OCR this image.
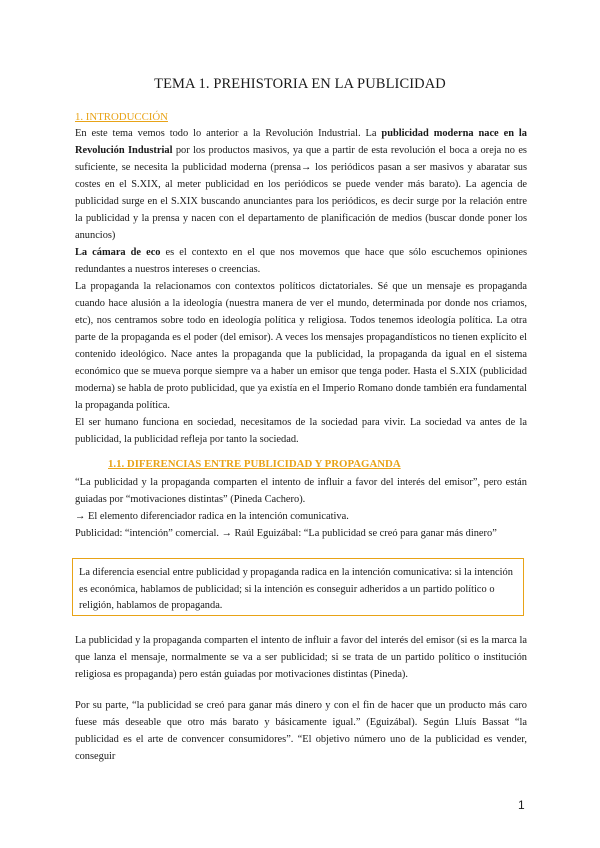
TEMA 1. PREHISTORIA EN LA PUBLICIDAD
1. INTRODUCCIÓN

En este tema vemos todo lo anterior a la Revolución Industrial. La publicidad moderna nace en la Revolución Industrial por los productos masivos, ya que a partir de esta revolución el boca a oreja no es suficiente, se necesita la publicidad moderna (prensa→ los periódicos pasan a ser masivos y abaratar sus costes en el S.XIX, al meter publicidad en los periódicos se puede vender más barato). La agencia de publicidad surge en el S.XIX buscando anunciantes para los periódicos, es decir surge por la relación entre la publicidad y la prensa y nacen con el departamento de planificación de medios (buscar donde poner los anuncios)

La cámara de eco es el contexto en el que nos movemos que hace que sólo escuchemos opiniones redundantes a nuestros intereses o creencias.

La propaganda la relacionamos con contextos políticos dictatoriales. Sé que un mensaje es propaganda cuando hace alusión a la ideología (nuestra manera de ver el mundo, determinada por donde nos criamos, etc), nos centramos sobre todo en ideología política y religiosa. Todos tenemos ideología política. La otra parte de la propaganda es el poder (del emisor). A veces los mensajes propagandísticos no tienen explícito el contenido ideológico. Nace antes la propaganda que la publicidad, la propaganda da igual en el sistema económico que se mueva porque siempre va a haber un emisor que tenga poder. Hasta el S.XIX (publicidad moderna) se habla de proto publicidad, que ya existía en el Imperio Romano donde también era fundamental la propaganda política.

El ser humano funciona en sociedad, necesitamos de la sociedad para vivir. La sociedad va antes de la publicidad, la publicidad refleja por tanto la sociedad.

1.1. DIFERENCIAS ENTRE PUBLICIDAD Y PROPAGANDA

“La publicidad y la propaganda comparten el intento de influir a favor del interés del emisor”, pero están guiadas por “motivaciones distintas” (Pineda Cachero).

→ El elemento diferenciador radica en la intención comunicativa.

Publicidad: “intención” comercial. → Raúl Eguizábal: “La publicidad se creó para ganar más dinero”

La diferencia esencial entre publicidad y propaganda radica en la intención comunicativa: si la intención es económica, hablamos de publicidad; si la intención es conseguir adheridos a un partido político o religión, hablamos de propaganda.

La publicidad y la propaganda comparten el intento de influir a favor del interés del emisor (si es la marca la que lanza el mensaje, normalmente se va a ser publicidad; si se trata de un partido político o institución religiosa es propaganda) pero están guiadas por motivaciones distintas (Pineda).

Por su parte, “la publicidad se creó para ganar más dinero y con el fin de hacer que un producto más caro fuese más deseable que otro más barato y básicamente igual.” (Eguizábal). Según Lluís Bassat “la publicidad es el arte de convencer consumidores”. “El objetivo número uno de la publicidad es vender, conseguir

1
